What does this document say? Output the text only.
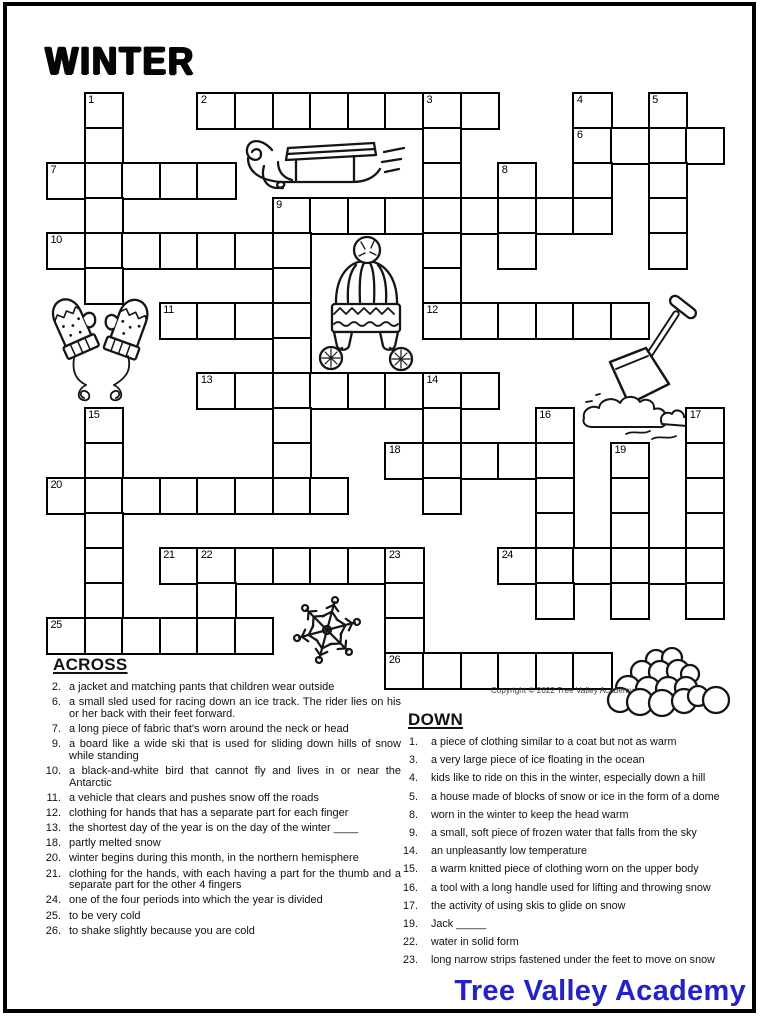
WINTER
1	2	3	4	5
6
7	8
9
10
11	12
13	14
15	16	17
18	19
20
21 22	23	24
25
26
ACROSS
2. a jacket and matching pants that children wear outside
6. a small sled used for racing down an ice track. The rider lies on his or her back with their feet forward.
7. a long piece of fabric that's worn around the neck or head
9. a board like a wide ski that is used for sliding down hills of snow while standing
10. a black-and-white bird that cannot fly and lives in or near the Antarctic
11. a vehicle that clears and pushes snow off the roads
12. clothing for hands that has a separate part for each finger
13. the shortest day of the year is on the day of the winter ____
18. partly melted snow
20. winter begins during this month, in the northern hemisphere
21. clothing for the hands, with each having a part for the thumb and a separate part for the other 4 fingers
24. one of the four periods into which the year is divided
25. to be very cold
26. to shake slightly because you are cold
DOWN
1. a piece of clothing similar to a coat but not as warm
3. a very large piece of ice floating in the ocean
4. kids like to ride on this in the winter, especially down a hill
5. a house made of blocks of snow or ice in the form of a dome
8. worn in the winter to keep the head warm
9. a small, soft piece of frozen water that falls from the sky
14. an unpleasantly low temperature
15. a warm knitted piece of clothing worn on the upper body
16. a tool with a long handle used for lifting and throwing snow
17. the activity of using skis to glide on snow
19. Jack _____
22. water in solid form
23. long narrow strips fastened under the feet to move on snow
Copyright © 2022 Tree Valley Academy
Tree Valley Academy
